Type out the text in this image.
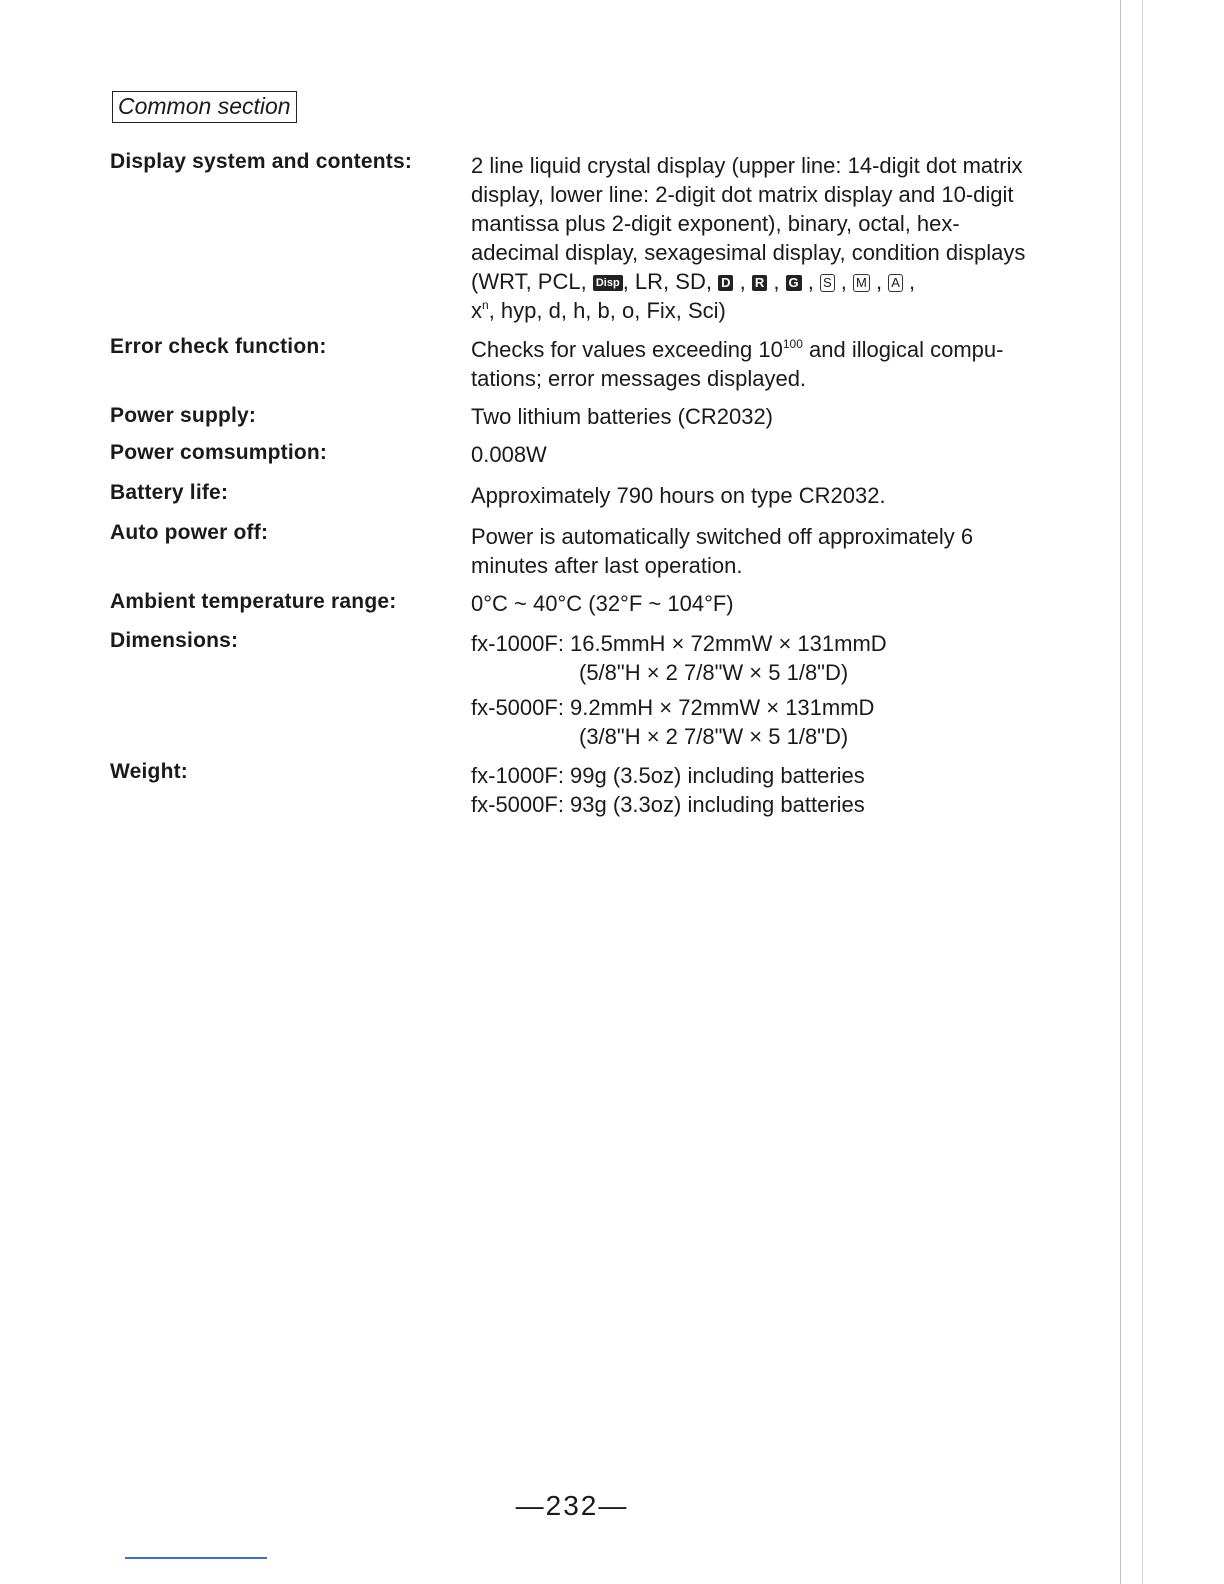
Common section
Display system and contents:	2 line liquid crystal display (upper line: 14-digit dot matrix
display, lower line: 2-digit dot matrix display and 10-digit
mantissa plus 2-digit exponent), binary, octal, hex-
adecimal display, sexagesimal display, condition displays
(WRT, PCL, Disp , LR, SD, D , R , G , S , M , A ,
$x^n$, hyp, d, h, b, o, Fix, Sci)
Error check function:	Checks for values exceeding $10^{100}$ and illogical compu-
tations; error messages displayed.
Power supply:	Two lithium batteries (CR2032)
Power comsumption:	0.008W
Battery life:	Approximately 790 hours on type CR2032.
Auto power off:	Power is automatically switched off approximately 6
minutes after last operation.
Ambient temperature range:	0°C ~ 40°C (32°F ~ 104°F)
Dimensions:	fx-1000F: 16.5mmH × 72mmW × 131mmD
(5/8"H × 2 7/8"W × 5 1/8"D)
fx-5000F: 9.2mmH × 72mmW × 131mmD
(3/8"H × 2 7/8"W × 5 1/8"D)
Weight:	fx-1000F: 99g (3.5oz) including batteries
fx-5000F: 93g (3.3oz) including batteries
—232—
